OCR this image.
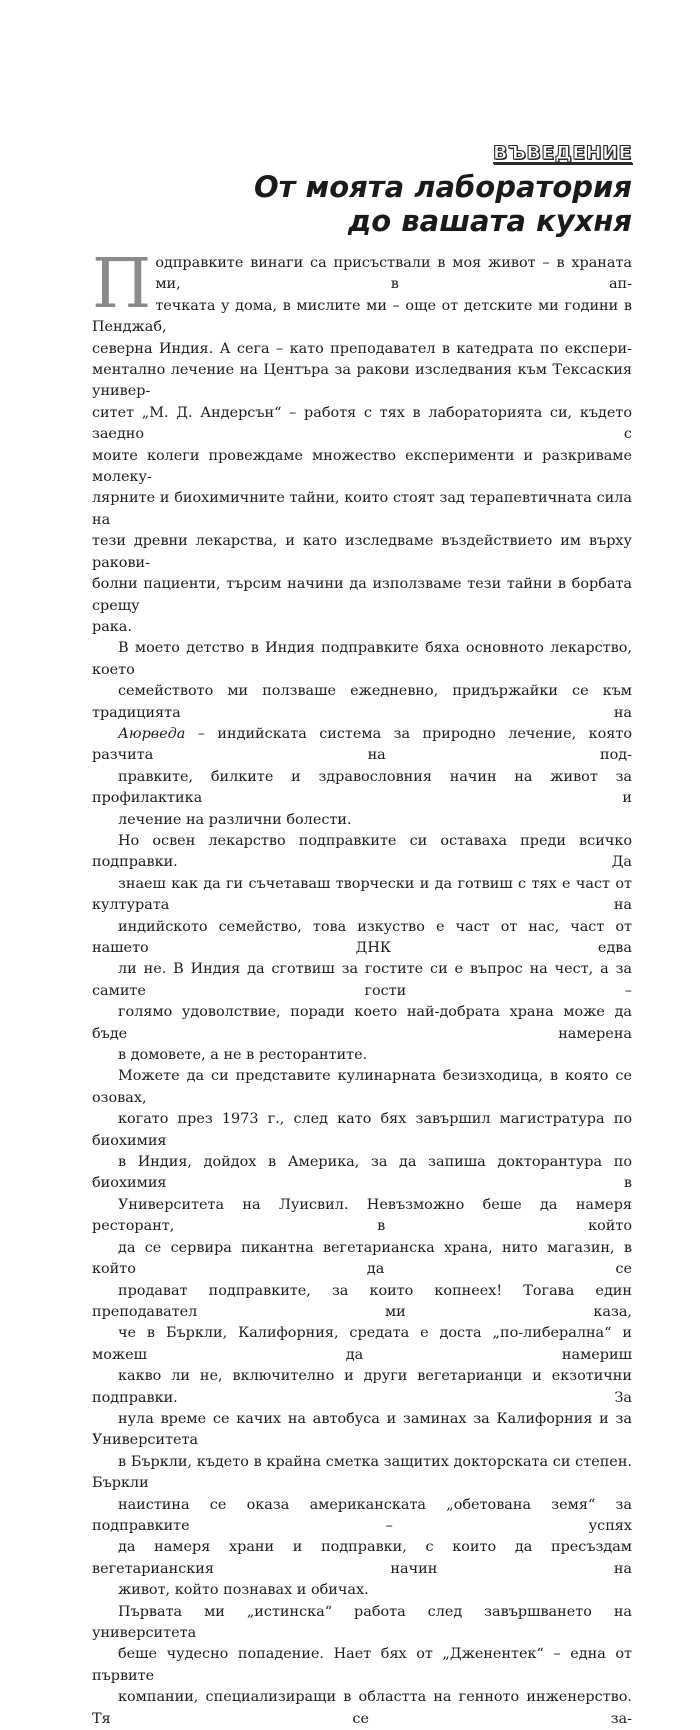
ВЪВЕДЕНИЕ
От моята лаборатория
до вашата кухня
П одправките винаги са присъствали в моя живот – в храната ми, в ап-
течката у дома, в мислите ми – още от детските ми години в Пенджаб,
северна Индия. А сега – като преподавател в катедрата по експери-
ментално лечение на Центъра за ракови изследвания към Тексаския универ-
ситет „М. Д. Андерсън“ – работя с тях в лабораторията си, където заедно с
моите колеги провеждаме множество експерименти и разкриваме молеку-
лярните и биохимичните тайни, които стоят зад терапевтичната сила на
тези древни лекарства, и като изследваме въздействието им върху ракови-
болни пациенти, търсим начини да използваме тези тайни в борбата срещу
рака.
В моето детство в Индия подправките бяха основното лекарство, което
семейството ми ползваше ежедневно, придържайки се към традицията на
Аюрведа – индийската система за природно лечение, която разчита на под-
правките, билките и здравословния начин на живот за профилактика и
лечение на различни болести.
Но освен лекарство подправките си оставаха преди всичко подправки. Да
знаеш как да ги съчетаваш творчески и да готвиш с тях е част от културата на
индийското семейство, това изкуство е част от нас, част от нашето ДНК едва
ли не. В Индия да сготвиш за гостите си е въпрос на чест, а за самите гости –
голямо удоволствие, поради което най-добрата храна може да бъде намерена
в домовете, а не в ресторантите.
Можете да си представите кулинарната безизходица, в която се озовах,
когато през 1973 г., след като бях завършил магистратура по биохимия
в Индия, дойдох в Америка, за да запиша докторантура по биохимия в
Университета на Луисвил. Невъзможно беше да намеря ресторант, в който
да се сервира пикантна вегетарианска храна, нито магазин, в който да се
продават подправките, за които копнеех! Тогава един преподавател ми каза,
че в Бъркли, Калифорния, средата е доста „по-либерална“ и можеш да намериш
какво ли не, включително и други вегетарианци и екзотични подправки. За
нула време се качих на автобуса и заминах за Калифорния и за Университета
в Бъркли, където в крайна сметка защитих докторската си степен. Бъркли
наистина се оказа американската „обетована земя“ за подправките – успях
да намеря храни и подправки, с които да пресъздам вегетарианския начин на
живот, който познавах и обичах.
Първата ми „истинска“ работа след завършването на университета
беше чудесно попадение. Нает бях от „Дженентек“ – една от първите
компании, специализиращи в областта на генното инженерство. Тя се за-
